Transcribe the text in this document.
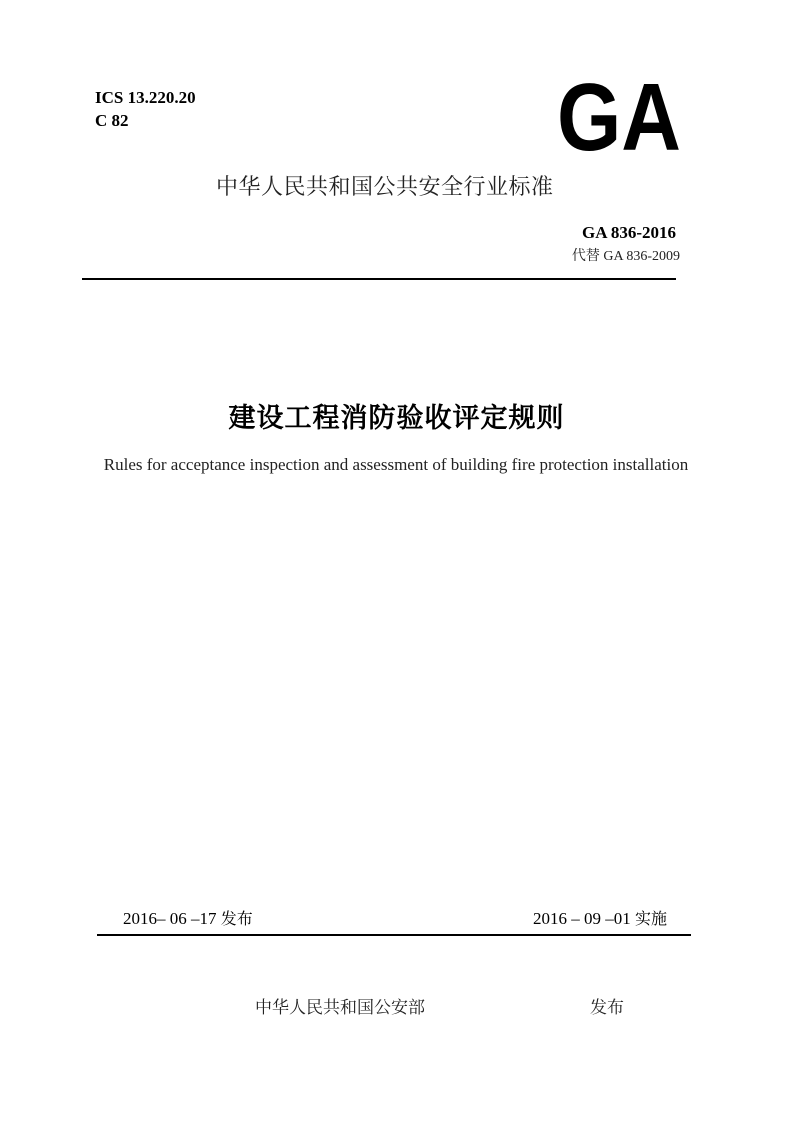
ICS 13.220.20
C 82	GA
中华人民共和国公共安全行业标准
GA 836-2016
代替 GA 836-2009
建设工程消防验收评定规则
Rules for acceptance inspection and assessment of building fire protection installation
2016– 06 –17 发布	2016 – 09 –01 实施
中华人民共和国公安部	发布
